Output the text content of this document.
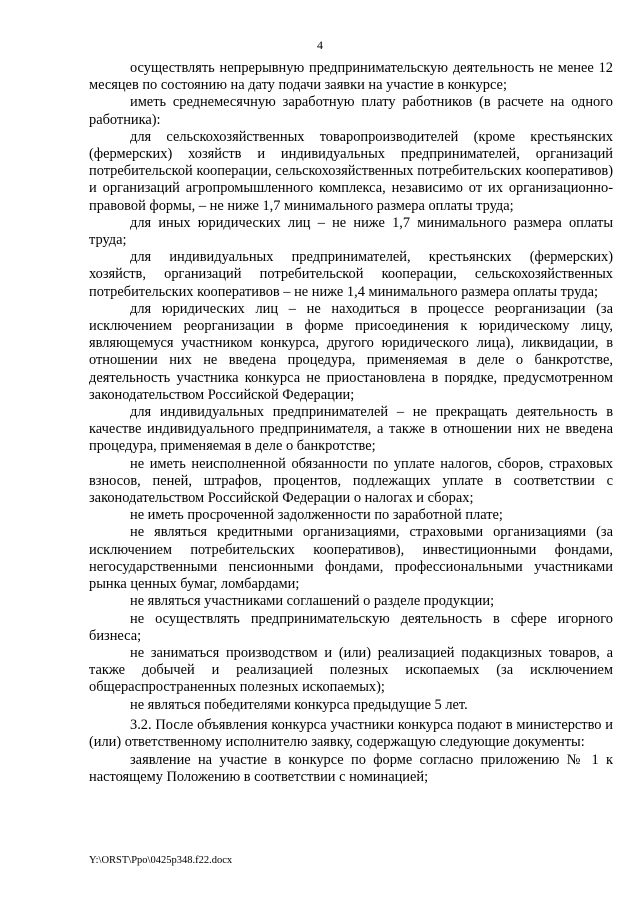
4

осуществлять непрерывную предпринимательскую деятельность не менее 12 месяцев по состоянию на дату подачи заявки на участие в конкурсе;

иметь среднемесячную заработную плату работников (в расчете на одного работника):

для сельскохозяйственных товаропроизводителей (кроме крестьянских (фермерских) хозяйств и индивидуальных предпринимателей, организаций потребительской кооперации, сельскохозяйственных потребительских кооперативов) и организаций агропромышленного комплекса, независимо от их организационно-правовой формы, – не ниже 1,7 минимального размера оплаты труда;

для иных юридических лиц – не ниже 1,7 минимального размера оплаты труда;

для индивидуальных предпринимателей, крестьянских (фермерских) хозяйств, организаций потребительской кооперации, сельскохозяйственных потребительских кооперативов – не ниже 1,4 минимального размера оплаты труда;

для юридических лиц – не находиться в процессе реорганизации (за исключением реорганизации в форме присоединения к юридическому лицу, являющемуся участником конкурса, другого юридического лица), ликвидации, в отношении них не введена процедура, применяемая в деле о банкротстве, деятельность участника конкурса не приостановлена в порядке, предусмотренном законодательством Российской Федерации;

для индивидуальных предпринимателей – не прекращать деятельность в качестве индивидуального предпринимателя, а также в отношении них не введена процедура, применяемая в деле о банкротстве;

не иметь неисполненной обязанности по уплате налогов, сборов, страховых взносов, пеней, штрафов, процентов, подлежащих уплате в соответствии с законодательством Российской Федерации о налогах и сборах;

не иметь просроченной задолженности по заработной плате;

не являться кредитными организациями, страховыми организациями (за исключением потребительских кооперативов), инвестиционными фондами, негосударственными пенсионными фондами, профессиональными участниками рынка ценных бумаг, ломбардами;

не являться участниками соглашений о разделе продукции;

не осуществлять предпринимательскую деятельность в сфере игорного бизнеса;

не заниматься производством и (или) реализацией подакцизных товаров, а также добычей и реализацией полезных ископаемых (за исключением общераспространенных полезных ископаемых);

не являться победителями конкурса предыдущие 5 лет.

3.2. После объявления конкурса участники конкурса подают в министерство и (или) ответственному исполнителю заявку, содержащую следующие документы:

заявление на участие в конкурсе по форме согласно приложению № 1 к настоящему Положению в соответствии с номинацией;

Y:\ORST\Ppo\0425p348.f22.docx
